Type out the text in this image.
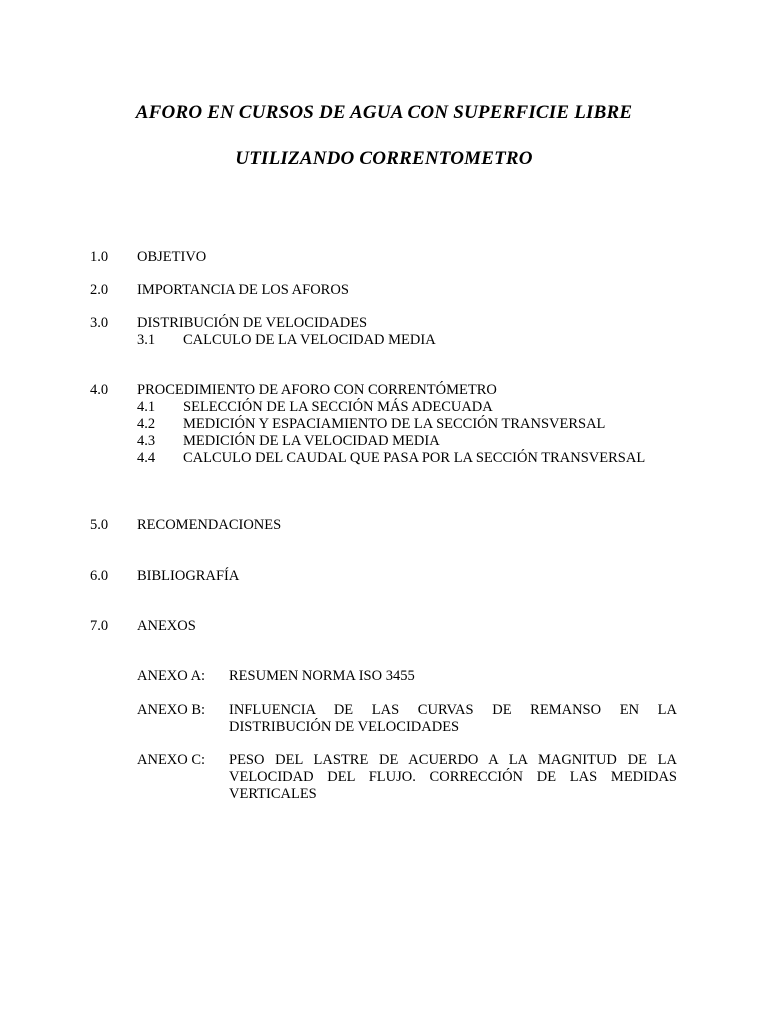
AFORO EN CURSOS DE AGUA CON SUPERFICIE LIBRE
UTILIZANDO CORRENTOMETRO
1.0 OBJETIVO
2.0 IMPORTANCIA DE LOS AFOROS
3.0 DISTRIBUCIÓN DE VELOCIDADES
3.1 CALCULO DE LA VELOCIDAD MEDIA
4.0 PROCEDIMIENTO DE AFORO CON CORRENTÓMETRO
4.1 SELECCIÓN DE LA SECCIÓN MÁS ADECUADA
4.2 MEDICIÓN Y ESPACIAMIENTO DE LA SECCIÓN TRANSVERSAL
4.3 MEDICIÓN DE LA VELOCIDAD MEDIA
4.4 CALCULO DEL CAUDAL QUE PASA POR LA SECCIÓN TRANSVERSAL
5.0 RECOMENDACIONES
6.0 BIBLIOGRAFÍA
7.0 ANEXOS
ANEXO A: RESUMEN NORMA ISO 3455
ANEXO B: INFLUENCIA DE LAS CURVAS DE REMANSO EN LA DISTRIBUCIÓN DE VELOCIDADES
ANEXO C: PESO DEL LASTRE DE ACUERDO A LA MAGNITUD DE LA VELOCIDAD DEL FLUJO. CORRECCIÓN DE LAS MEDIDAS VERTICALES
